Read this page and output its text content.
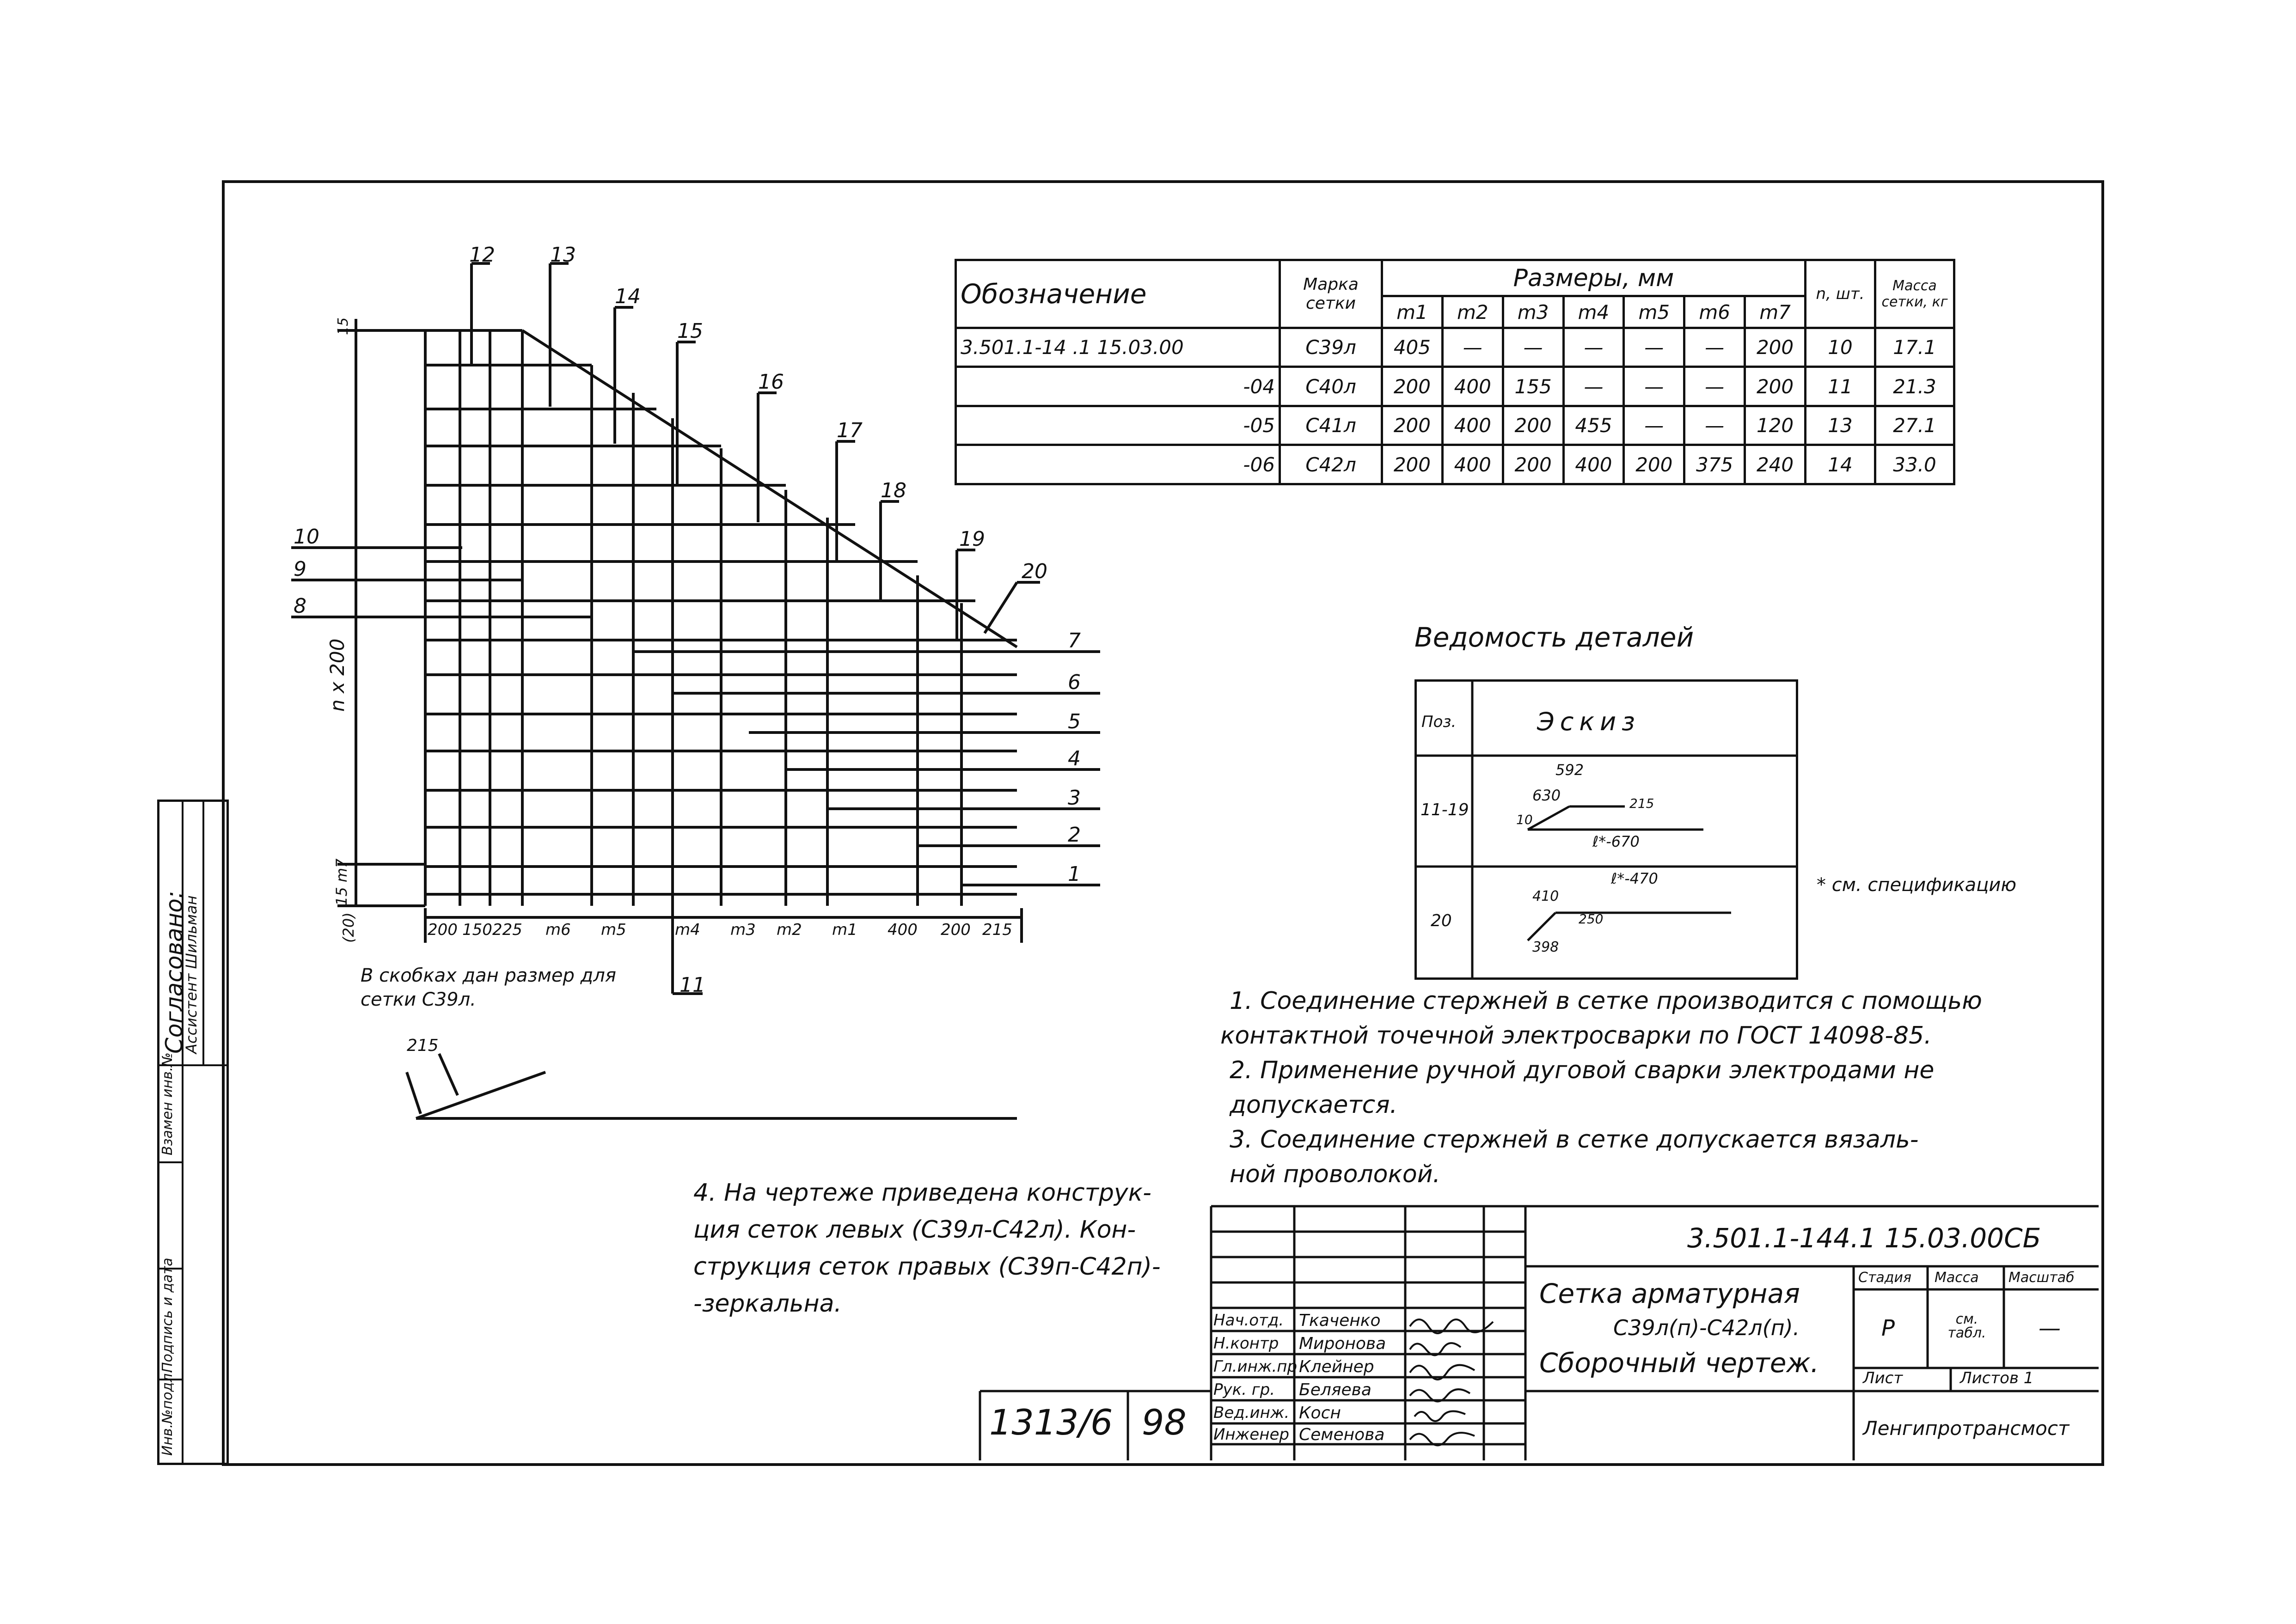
12	13
14
15
16
17
18
19
20
10
9
8
7
6
5
4
3
2
1
11
200 150 225 m6 m5	m4 m3 m2 m1 400 200 215
n x 200
15 m7
(20)
15
В скобках дан размер для сетки С39л.
215
Обозначение	Марка сетки	Размеры, мм							n, шт.	Масса сетки, кг
		m1	m2	m3	m4	m5	m6	m7		
3.501.1-14 .1 15.03.00	С39л	405	—	—	—	—	—	200	10	17.1
-04	С40л	200	400	155	—	—	—	200	11	21.3
-05	С41л	200	400	200	455	—	—	120	13	27.1
-06	С42л	200	400	200	400	200	375	240	14	33.0
Ведомость деталей
Поз.	Эскиз
11-19
592
630	215
10
ℓ*-670
20
ℓ*-470
410
398
250
* см. спецификацию
1. Соединение стержней в сетке производится с помощью
контактной точечной электросварки по ГОСТ 14098-85.
2. Применение ручной дуговой сварки электродами не
допускается.
3. Соединение стержней в сетке допускается вязаль-
ной проволокой.
4. На чертеже приведена конструк-
ция сеток левых (С39л-С42л). Кон-
струкция сеток правых (С39п-С42п)-
-зеркальна.
3.501.1-144.1 15.03.00СБ
Сетка арматурная
С39л(п)-С42л(п).
Сборочный чертеж.
Стадия Масса Масштаб
Р	см. табл.	—
Лист	Листов 1
Ленгипротрансмост
Нач.отд. Ткаченко
Н.контр Миронова
Гл.инж.пр Клейнер
Рук. гр. Беляева
Вед.инж. Косн
Инженер Семенова
1313/6 98
Согласовано:
Ассистент Шильман
Инв.№подл.
Подпись и дата
Взамен инв.№
